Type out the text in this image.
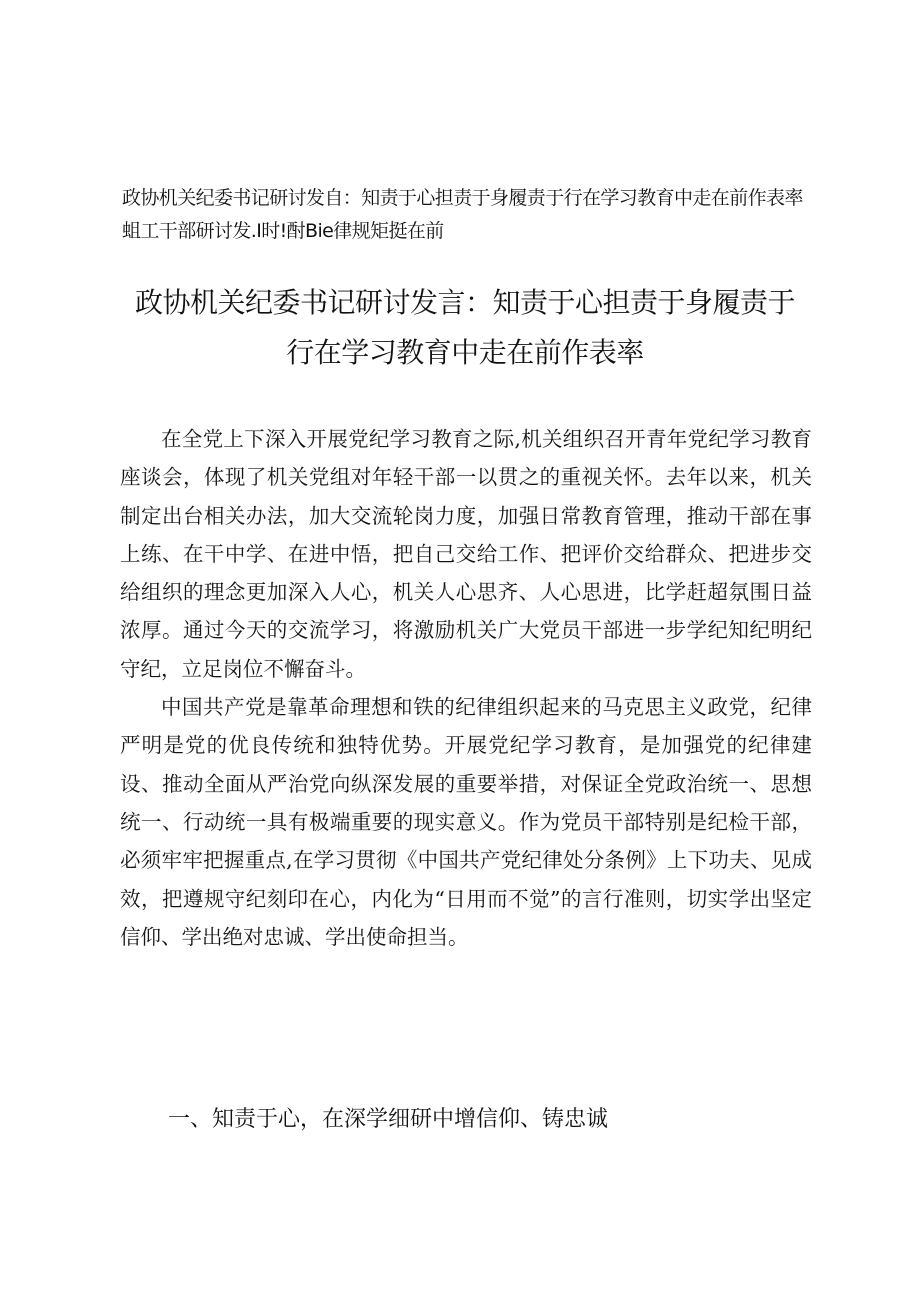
政协机关纪委书记研讨发自：知责于心担责于身履责于行在学习教育中走在前作表率
蛆工干部研讨发.I时!酎Bie律规矩挺在前
政协机关纪委书记研讨发言：知责于心担责于身履责于
行在学习教育中走在前作表率

在全党上下深入开展党纪学习教育之际,机关组织召开青年党纪学习教育座谈会，体现了机关党组对年轻干部一以贯之的重视关怀。去年以来，机关制定出台相关办法，加大交流轮岗力度，加强日常教育管理，推动干部在事上练、在干中学、在进中悟，把自己交给工作、把评价交给群众、把进步交给组织的理念更加深入人心，机关人心思齐、人心思进，比学赶超氛围日益浓厚。通过今天的交流学习，将激励机关广大党员干部进一步学纪知纪明纪守纪，立足岗位不懈奋斗。

中国共产党是靠革命理想和铁的纪律组织起来的马克思主义政党，纪律严明是党的优良传统和独特优势。开展党纪学习教育，是加强党的纪律建设、推动全面从严治党向纵深发展的重要举措，对保证全党政治统一、思想统一、行动统一具有极端重要的现实意义。作为党员干部特别是纪检干部，必须牢牢把握重点,在学习贯彻《中国共产党纪律处分条例》上下功夫、见成效，把遵规守纪刻印在心，内化为“日用而不觉”的言行准则，切实学出坚定信仰、学出绝对忠诚、学出使命担当。

一、知责于心，在深学细研中增信仰、铸忠诚
